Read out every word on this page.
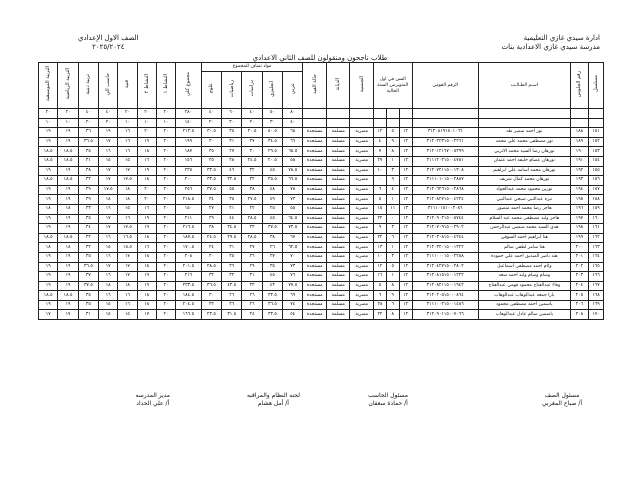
ادارة سيدي غازي التعليمية
مدرسة سيدي غازي الاعدادية بنات
الصف الاول الإعدادي
٢٠٢٥/٢٠٢٤
طلاب ناجحون ومنقولون للصف الثاني الاعدادي
مسلسل	رقم الجلوس	اسـم الطـالـب	الرقم القومي	السن في اول المتوبرمن السنة الحالية			الجنسية	الديانة	حالة القيد	مواد تضاف للمجموع					مجموع كلي	النشاط ١	النشاط ٢	فنية	حاسب الي	تربية دينية	التربية الرياضية	التربية الموسيقية
										عربي	انجليزي	دراسات	رياضيات	علوم								
										٨٠	٥٠	٤٠	٦٠	٤٠	٢٨٠	٢٠	٢٠	٢٠	٤٠	٤٠	٢٠	٢٠
										٤٠	٣٠	٢٠	٣٠	٢٠	١٤٠	١٠	١٠	١٠	٢٠	٢٠	١٠	١٠
١٥١	١٨٨	نور احمد سمير طه	٣١٢٠٨١٩١٥٠١٠٦٦	١٢	٥	١٢	مصرية	مسلمة	مستجدة	٦٨	٥٠.٥	٣٠.٥	٣٥	٣٠.٥	٢١٣.٥	٢٠	٢٠	١٦	١٩	٣٦	١٩	١٩
١٥٢	١٨٩	نور مصطفى محمد علي محمد	٣١٢٠٢٢٣١٥٠٠٢٢٦١	١٢	٩	٤	مصرية	مسلمة	مستجدة	٦٦	٣٤.٥	٣٧	٣١	٣٠	١٩٩	٢٠	١٩	١٦	١٧	٣٦.٥	١٩	١٩
١٥٣	١٩٠	نورهان رضا السيد محمد الاتربي	٣١٢٠١٢١٦٧٠٠٥٣٩٩	١٢	٨	٧	مصرية	مسلمة	مستجدة	٦٥.٥	٢٩.٥	٣٠	٢٧	٣٥	١٨٧	٢٠	١٨	١٦	١٦	٣٥	١٨.٥	١٨.٥
١٥٤	١٩١	نورهان عصام خليفة احمد عثمان	٣١١١٢٠٢١٥٠٠٤٧٨١	١٢	١	٢٧	مصرية	مسلمة	مستجدة	٥٨	٢٠.٥	٢٤.٥	٢٨	٢٥	١٥٦	٢٠	١٦	١٥	١٥	٣١	١٨.٥	١٨.٥
١٥٥	١٩٢	نورهان محمد اسامه علي ابراهيم	٣١٢٠٧٢١١٥٠٠١٣٠٨	١٢	٣	١٠	مصرية	مسلمة	مستجدة	٧٨.٥	٤٥	٣٢	٤٦	٣٣.٥	٢٣٥	٢٠	١٩	١٧	١٧	٣٨	١٩	١٩
١٥٦	١٩٣	نورهان محمد كمال شريف	٣١١١٠١٠١٥٠٠٢٨٨٧	١٢	٩	٠	مصرية	مسلمة	مستجدة	٦٦.٥	٣٥.٥	٣٢	٣٢.٥	٣٣.٥	٢٠٠	٢٠	١٨	١٧.٥	١٧	٣٢	١٨.٥	١٨.٥
١٥٧	١٩٤	نورين محمود محمد عبدالجواد	٣١٢٠٦٢٦١٥٠٠٢٨٦٨	١٢	٤	٦	مصرية	مسلمة	مستجدة	٧٨	٤٨	٣٨	٥٥	٣٧.٥	٢٥٦	٢٠	٢٠	١٨	١٧.٥	٣٩	١٩	١٩
١٥٨	١٩٥	نيره عبدالنبي صبحي عبدالنبي	٣١٢٠٨٢٧١٥٠٠٤٢٢٤	١٢	١	٥	مصرية	مسلمة	مستجدة	٧٣	٤٩	٢٧.٥	٣٥	٣٤	٢١٨.٥	٢٠	٢٠	١٨	١٨	٣٩	١٩	١٩
١٥٩	١٩٦	هاجر رضا محمد احمد منصور	٣١١١٠١٥١٠٠٣٠٨٦	١٣	١١	١٥	مصرية	مسلمة	مستجدة	٥٥	٢٥	٢٢	٢١	٢٧	١٥٠	٢٠	١٦	١٥	١٦	٣٣	١٨	١٨
١٦٠	١٩٧	هاجر وليد مصطفى محمد عبد السلام	٣١٢٠٩٠٢١٥٠٠٥٧٤٤	١٢	٠	٢٢	مصرية	مسلمة	مستجدة	٦٤.٥	٤٥	٢٨.٥	٤٤	٢٩	٢١١	٢٠	١٩	١٦	١٧	٣٥	١٩	١٩
١٦١	١٩٨	هدى السيد محمد شمس عبدالرحمن	٣١٢٠٧٠٩١٥٠٠٢٩٠٢	١٢	٣	٩	مصرية	مسلمة	مستجدة	٧٣.٥	٣٧.٥	٣٣	٣٤.٥	٣٨	٢١٦.٥	٢٠	١٩	١٧.٥	١٧	٣٤	١٩	١٩
١٦٢	١٩٩	هنا ابراهيم احمد السوقي	٣١٢٠٣٠٨١٥٠٠٤٢٤٤	١٢	٦	٢٢	مصرية	مسلمة	مستجدة	٦٧	٣٨	٢٨.٥	٢٩.٥	٢٤.٥	١٨٧.٥	٢٠	١٨	١٦.٥	١٦	٣٢	١٨.٥	١٨.٥
١٦٣	٢٠٠	هنا سامر لطفي سالم	٣١٢٠٣٢٠١٥٠٠١٣٢٢	١٢	١	١٣	مصرية	مسلمة	مستجدة	٦٢.٥	٢٦	٢٧	٣١	٢٤	١٧٠.٥	٢٠	١٦	١٥.٥	١٥	٣٢	١٨	١٨
١٦٤	٢٠١	هند ناصر الصديق احمد علي حمودة	٣١١١٠٠٠١٥٠٠٢٢٨٨	١٢	٣	١٠	مصرية	مسلمة	مستجدة	٧٠	٣٧	٣٦	٣٥	٣٠	٢٠٨	٢٠	١٨	١٧	١٦	٣٥	١٩	١٩
١٦٥	٢٠٢	وئام احمد مصطفى اسماعيل	٣١٢٠٤٢٧١٥٠٠٢٨٠٢	١٢	٥	١٢	مصرية	مسلمة	مستجدة	٧٣	٣٥	٢٩	٣٦	٢٨.٥	٢٠١.٥	٢٠	١٨	١٧	١٧	٣٦.٥	١٩	١٩
١٦٦	٢٠٣	وسام وسام وليد احمد سعد	٣١٢٠٨١٥١٥٠٠١٢٢٢	١٢	١	١٦	مصرية	مسلمة	مستجدة	٧٦	٤٥	٣١	٣٢	٣٢	٢١٦	٢٠	١٩	١٧	١٦	٣٧	١٩	١٩
١٦٧	٢٠٤	وفاء عبدالفتاح محمود فهمي عبدالفتاح	٣١٢٠٨٢١١٥٠٠١٩٤٢	١٢	٨	٥	مصرية	مسلمة	مستجدة	٧٧.٥	٤٣	٣٣	٤٣.٥	٣٦.٥	٢٣٣.٥	٢٠	١٩	١٨	١٨	٣٧.٥	١٩	١٩
١٦٨	٢٠٥	يارا جمعه عبدالوهاب عبدالوهاب	٣١٢٠٢٠٥١٥٠٠٠٨٦٤	١٢	٩	٦	مصرية	مسلمة	مستجدة	٦٩	٣٣.٥	٢٦	٢٦	٣٠	١٨٤.٥	٢٠	١٨	١٦	١٦	٣٥	١٨.٥	١٨.٥
١٦٩	٢٠٦	ياسمين احمد مصطفى محمود	٣١١١٠٠٢١٥٠٠١٤٨٦	١٢	٦	٢٨	مصرية	مسلمة	مستجدة	٧٤	٣٦.٥	٢٦	٣٦	٣٢	٢٠٤.٥	٢٠	١٨	١٦	١٥	٣٥	١٩	١٩
١٧٠	٢٠٨	ياسمين سالم عادل عبدالوهاب	٣١٢٠٩٠١١٥٠٠٧٠٦٦	١٢	٨	٢٢	مصرية	مسلمة	مستجدة	٥٤	٣٣.٥	٢٤	٣١.٥	٢٣.٥	١٦٦.٥	٢٠	١٧	١٥	١٥	٣١	١٧	١٧
مسئول الصف
أ/ صباح المغربي
مسئول الحاسب
أ/ حمادة سعفان
لجنه النظام والمراقبه
أ/ أمل هشام
مدير المدرسه
أ/ علي الحداد
